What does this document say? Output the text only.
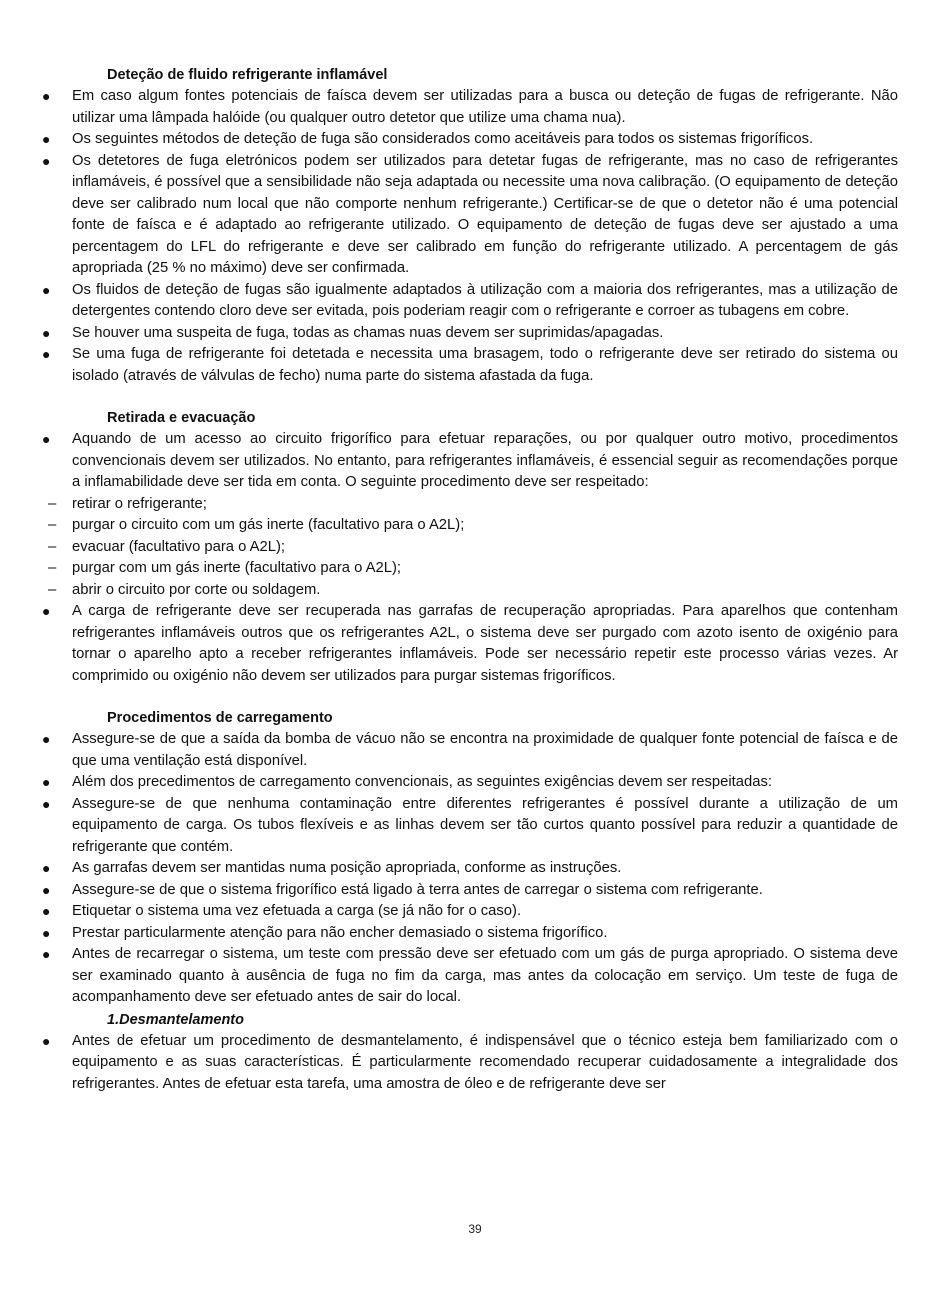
Deteção de fluido refrigerante inflamável
● Em caso algum fontes potenciais de faísca devem ser utilizadas para a busca ou deteção de fugas de refrigerante. Não utilizar uma lâmpada halóide (ou qualquer outro detetor que utilize uma chama nua).
● Os seguintes métodos de deteção de fuga são considerados como aceitáveis para todos os sistemas frigoríficos.
● Os detetores de fuga eletrónicos podem ser utilizados para detetar fugas de refrigerante, mas no caso de refrigerantes inflamáveis, é possível que a sensibilidade não seja adaptada ou necessite uma nova calibração. (O equipamento de deteção deve ser calibrado num local que não comporte nenhum refrigerante.) Certificar-se de que o detetor não é uma potencial fonte de faísca e é adaptado ao refrigerante utilizado. O equipamento de deteção de fugas deve ser ajustado a uma percentagem do LFL do refrigerante e deve ser calibrado em função do refrigerante utilizado. A percentagem de gás apropriada (25 % no máximo) deve ser confirmada.
● Os fluidos de deteção de fugas são igualmente adaptados à utilização com a maioria dos refrigerantes, mas a utilização de detergentes contendo cloro deve ser evitada, pois poderiam reagir com o refrigerante e corroer as tubagens em cobre.
● Se houver uma suspeita de fuga, todas as chamas nuas devem ser suprimidas/apagadas.
● Se uma fuga de refrigerante foi detetada e necessita uma brasagem, todo o refrigerante deve ser retirado do sistema ou isolado (através de válvulas de fecho) numa parte do sistema afastada da fuga.
Retirada e evacuação
● Aquando de um acesso ao circuito frigorífico para efetuar reparações, ou por qualquer outro motivo, procedimentos convencionais devem ser utilizados. No entanto, para refrigerantes inflamáveis, é essencial seguir as recomendações porque a inflamabilidade deve ser tida em conta. O seguinte procedimento deve ser respeitado:
– retirar o refrigerante;
– purgar o circuito com um gás inerte (facultativo para o A2L);
– evacuar (facultativo para o A2L);
– purgar com um gás inerte (facultativo para o A2L);
– abrir o circuito por corte ou soldagem.
● A carga de refrigerante deve ser recuperada nas garrafas de recuperação apropriadas. Para aparelhos que contenham refrigerantes inflamáveis outros que os refrigerantes A2L, o sistema deve ser purgado com azoto isento de oxigénio para tornar o aparelho apto a receber refrigerantes inflamáveis. Pode ser necessário repetir este processo várias vezes. Ar comprimido ou oxigénio não devem ser utilizados para purgar sistemas frigoríficos.
Procedimentos de carregamento
● Assegure-se de que a saída da bomba de vácuo não se encontra na proximidade de qualquer fonte potencial de faísca e de que uma ventilação está disponível.
● Além dos precedimentos de carregamento convencionais, as seguintes exigências devem ser respeitadas:
● Assegure-se de que nenhuma contaminação entre diferentes refrigerantes é possível durante a utilização de um equipamento de carga. Os tubos flexíveis e as linhas devem ser tão curtos quanto possível para reduzir a quantidade de refrigerante que contém.
● As garrafas devem ser mantidas numa posição apropriada, conforme as instruções.
● Assegure-se de que o sistema frigorífico está ligado à terra antes de carregar o sistema com refrigerante.
● Etiquetar o sistema uma vez efetuada a carga (se já não for o caso).
● Prestar particularmente atenção para não encher demasiado o sistema frigorífico.
● Antes de recarregar o sistema, um teste com pressão deve ser efetuado com um gás de purga apropriado. O sistema deve ser examinado quanto à ausência de fuga no fim da carga, mas antes da colocação em serviço. Um teste de fuga de acompanhamento deve ser efetuado antes de sair do local.
1.Desmantelamento
● Antes de efetuar um procedimento de desmantelamento, é indispensável que o técnico esteja bem familiarizado com o equipamento e as suas características. É particularmente recomendado recuperar cuidadosamente a integralidade dos refrigerantes. Antes de efetuar esta tarefa, uma amostra de óleo e de refrigerante deve ser
39
